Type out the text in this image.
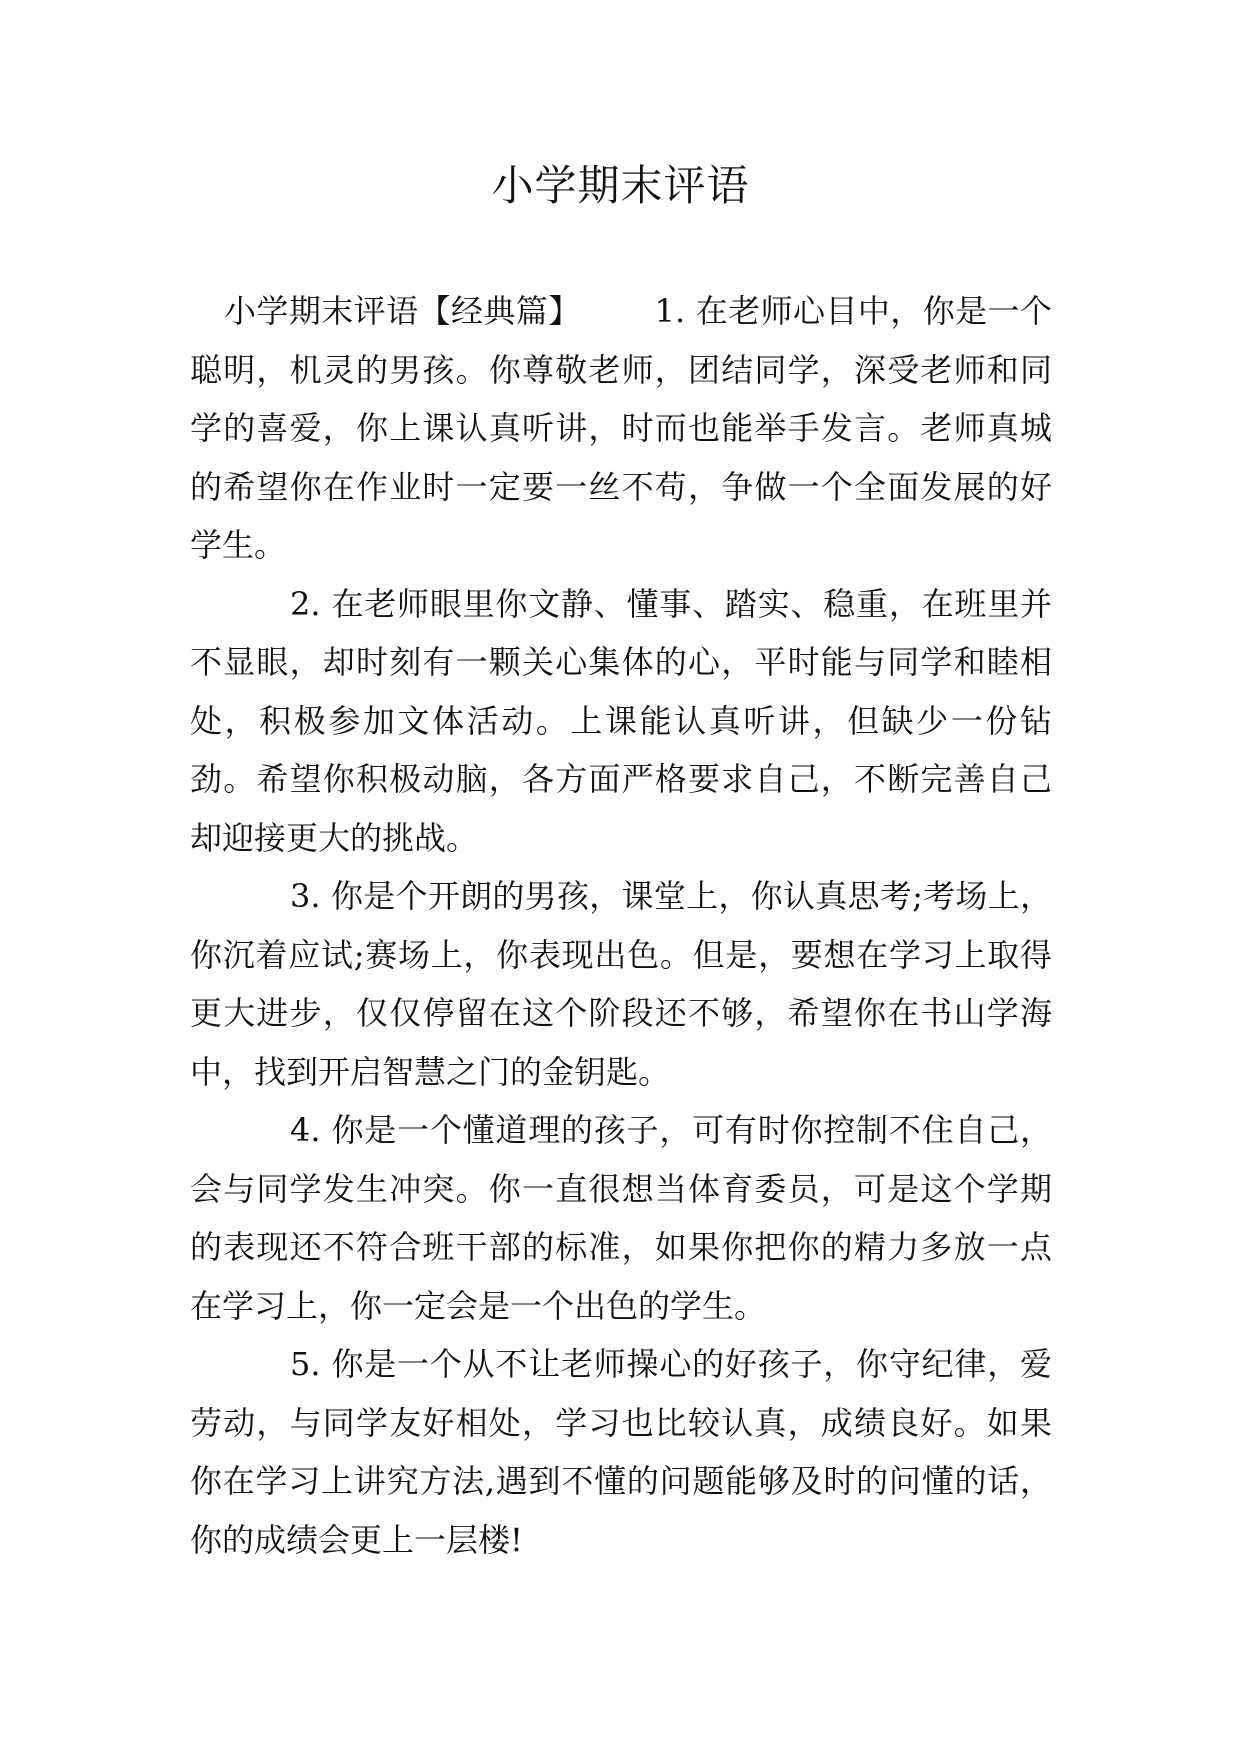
小学期末评语

小学期末评语【经典篇】 1. 在老师心目中，你是一个聪明，机灵的男孩。你尊敬老师，团结同学，深受老师和同学的喜爱，你上课认真听讲，时而也能举手发言。老师真城的希望你在作业时一定要一丝不苟，争做一个全面发展的好学生。

2. 在老师眼里你文静、懂事、踏实、稳重，在班里并不显眼，却时刻有一颗关心集体的心，平时能与同学和睦相处，积极参加文体活动。上课能认真听讲，但缺少一份钻劲。希望你积极动脑，各方面严格要求自己，不断完善自己却迎接更大的挑战。

3. 你是个开朗的男孩，课堂上，你认真思考;考场上，你沉着应试;赛场上，你表现出色。但是，要想在学习上取得更大进步，仅仅停留在这个阶段还不够，希望你在书山学海中，找到开启智慧之门的金钥匙。

4. 你是一个懂道理的孩子，可有时你控制不住自己，会与同学发生冲突。你一直很想当体育委员，可是这个学期的表现还不符合班干部的标准，如果你把你的精力多放一点在学习上，你一定会是一个出色的学生。

5. 你是一个从不让老师操心的好孩子，你守纪律，爱劳动，与同学友好相处，学习也比较认真，成绩良好。如果你在学习上讲究方法,遇到不懂的问题能够及时的问懂的话，你的成绩会更上一层楼!
